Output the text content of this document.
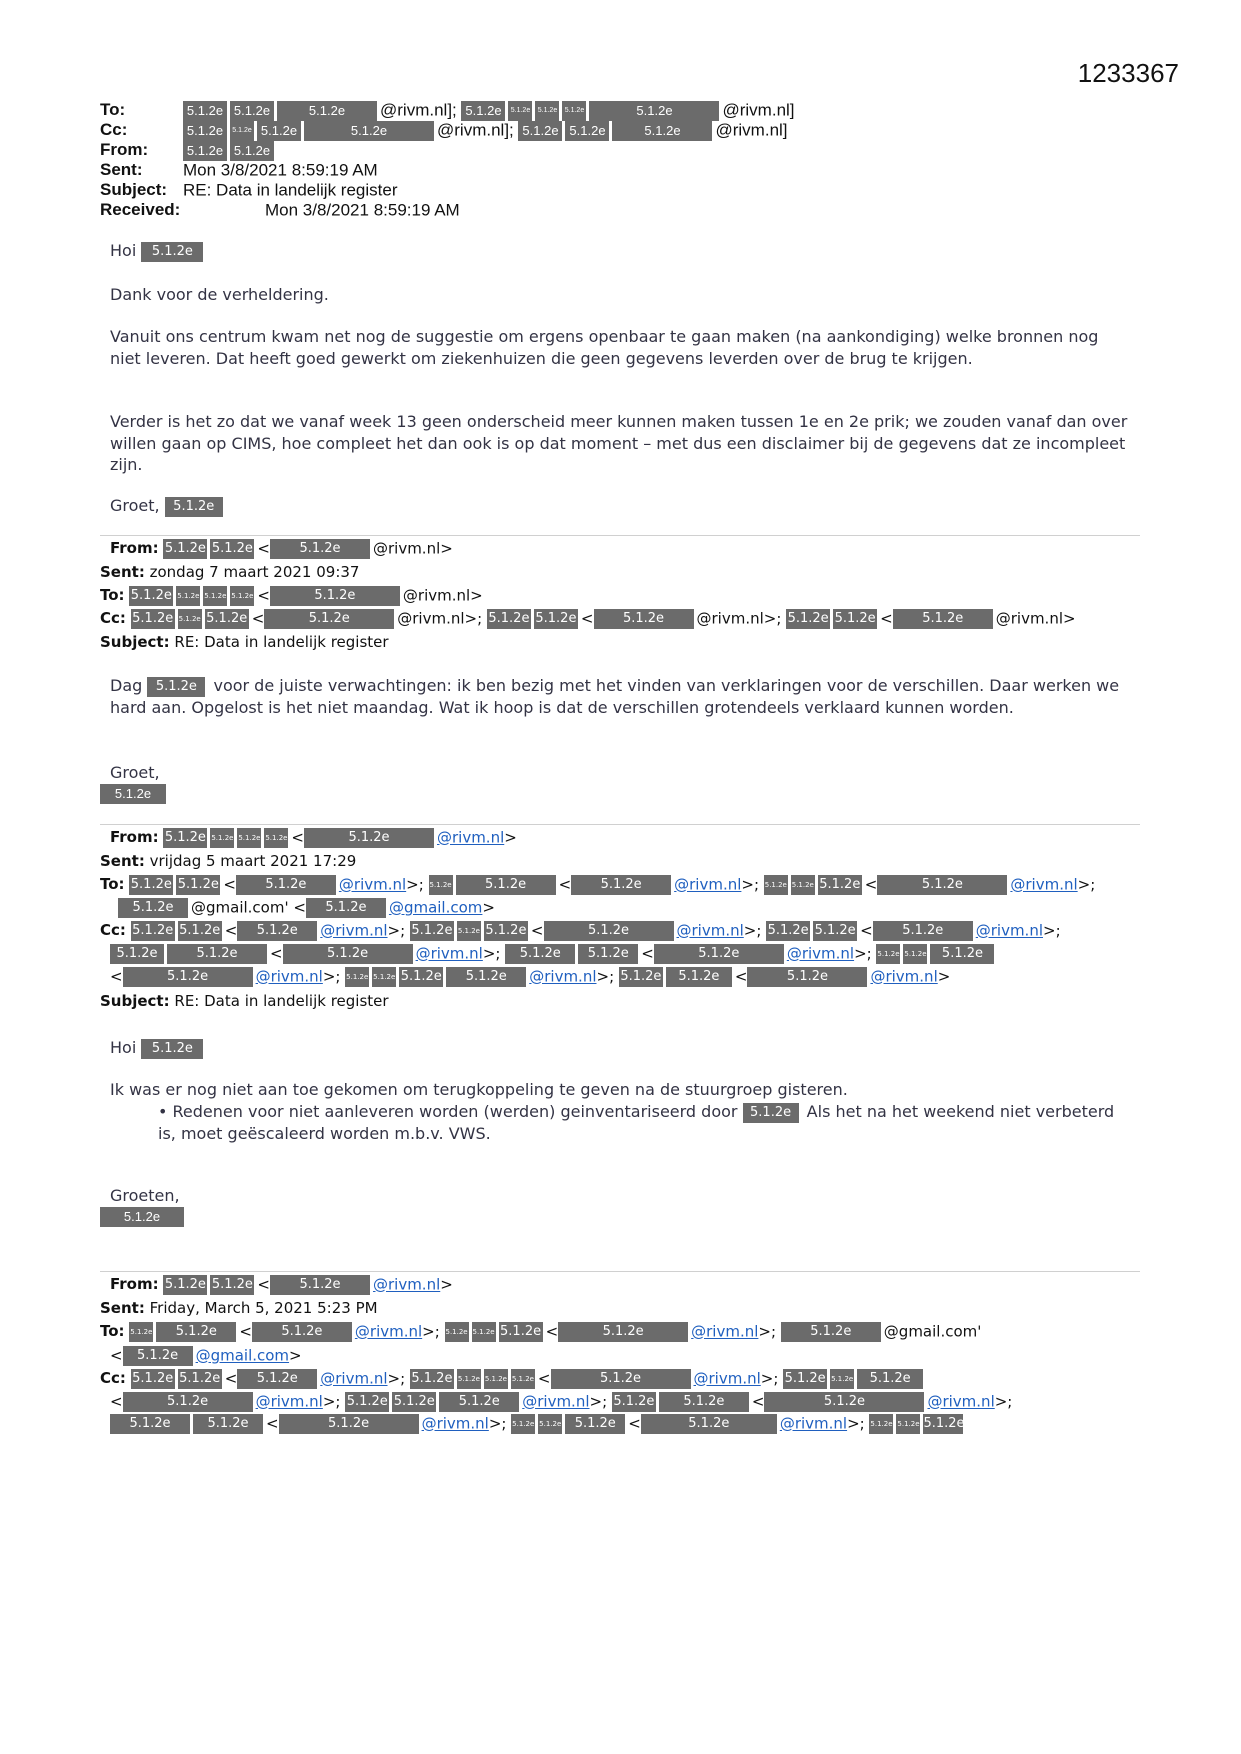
1233367
To:	5.1.2e 5.1.2e	5.1.2e @rivm.nl]; 5.1.2e 5.1.2e 5.1.2e 5.1.2e	5.1.2e	@rivm.nl]
Cc:	5.1.2e 5.1.2e 5.1.2e	5.1.2e	@rivm.nl]; 5.1.2e 5.1.2e	5.1.2e @rivm.nl]
From:	5.1.2e 5.1.2e
Sent: Mon 3/8/2021 8:59:19 AM
Subject: RE: Data in landelijk register
Received:	Mon 3/8/2021 8:59:19 AM
Hoi 5.1.2e
Dank voor de verheldering.
Vanuit ons centrum kwam net nog de suggestie om ergens openbaar te gaan maken (na aankondiging) welke bronnen nog niet leveren. Dat heeft goed gewerkt om ziekenhuizen die geen gegevens leverden over de brug te krijgen.
Verder is het zo dat we vanaf week 13 geen onderscheid meer kunnen maken tussen 1e en 2e prik; we zouden vanaf dan over willen gaan op CIMS, hoe compleet het dan ook is op dat moment – met dus een disclaimer bij de gegevens dat ze incompleet zijn.
Groet, 5.1.2e
From: 5.1.2e 5.1.2e < 5.1.2e @rivm.nl>
Sent: zondag 7 maart 2021 09:37
To: 5.1.2e 5.1.2e 5.1.2e 5.1.2e <	5.1.2e	@rivm.nl>
Cc: 5.1.2e 5.1.2e 5.1.2e <	5.1.2e	@rivm.nl>; 5.1.2e 5.1.2e < 5.1.2e @rivm.nl>; 5.1.2e 5.1.2e < 5.1.2e @rivm.nl>
Subject: RE: Data in landelijk register
Dag 5.1.2e voor de juiste verwachtingen: ik ben bezig met het vinden van verklaringen voor de verschillen. Daar werken we hard aan. Opgelost is het niet maandag. Wat ik hoop is dat de verschillen grotendeels verklaard kunnen worden.
Groet,
5.1.2e
From: 5.1.2e 5.1.2e 5.1.2e 5.1.2e <	5.1.2e	@rivm.nl>
Sent: vrijdag 5 maart 2021 17:29
To: 5.1.2e 5.1.2e < 5.1.2e @rivm.nl>; 5.1.2e	5.1.2e < 5.1.2e @rivm.nl>; 5.1.2e 5.1.2e 5.1.2e <	5.1.2e	@rivm.nl>;
5.1.2e @gmail.com' < 5.1.2e @gmail.com>
Cc: 5.1.2e 5.1.2e < 5.1.2e @rivm.nl>; 5.1.2e 5.1.2e 5.1.2e <	5.1.2e	@rivm.nl>; 5.1.2e 5.1.2e < 5.1.2e @rivm.nl>;
5.1.2e	5.1.2e <	5.1.2e	@rivm.nl>; 5.1.2e 5.1.2e <	5.1.2e	@rivm.nl>; 5.1.2e 5.1.2e 5.1.2e
<	5.1.2e	@rivm.nl>; 5.1.2e 5.1.2e 5.1.2e 5.1.2e @rivm.nl>; 5.1.2e 5.1.2e <	5.1.2e	@rivm.nl>
Subject: RE: Data in landelijk register
Hoi 5.1.2e
Ik was er nog niet aan toe gekomen om terugkoppeling te geven na de stuurgroep gisteren.
• Redenen voor niet aanleveren worden (werden) geinventariseerd door 5.1.2e Als het na het weekend niet verbeterd is, moet geëscaleerd worden m.b.v. VWS.
Groeten,
5.1.2e
From: 5.1.2e 5.1.2e < 5.1.2e @rivm.nl>
Sent: Friday, March 5, 2021 5:23 PM
To: 5.1.2e 5.1.2e < 5.1.2e @rivm.nl>; 5.1.2e 5.1.2e 5.1.2e <	5.1.2e	@rivm.nl>; 5.1.2e @gmail.com'
< 5.1.2e @gmail.com>
Cc: 5.1.2e 5.1.2e < 5.1.2e @rivm.nl>; 5.1.2e 5.1.2e 5.1.2e 5.1.2e <	5.1.2e	@rivm.nl>; 5.1.2e 5.1.2e 5.1.2e
<	5.1.2e	@rivm.nl>; 5.1.2e 5.1.2e 5.1.2e @rivm.nl>; 5.1.2e 5.1.2e <	5.1.2e	@rivm.nl>;
5.1.2e	5.1.2e <	5.1.2e	@rivm.nl>; 5.1.2e 5.1.2e 5.1.2e <	5.1.2e	@rivm.nl>; 5.1.2e 5.1.2e 5.1.2e
